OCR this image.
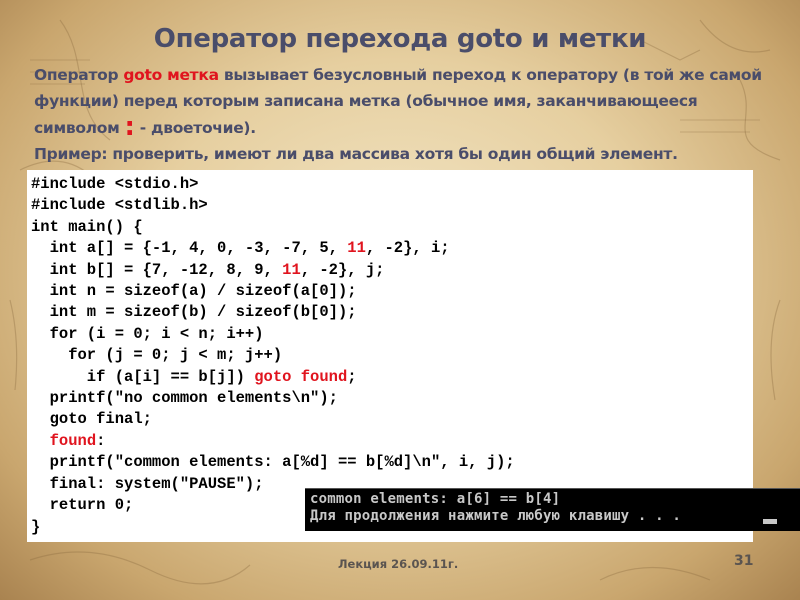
Оператор перехода goto и метки
Оператор goto метка вызывает безусловный переход к оператору (в той же самой функции) перед которым записана метка (обычное имя, заканчивающееся символом : - двоеточие).
Пример: проверить, имеют ли два массива хотя бы один общий элемент.
#include <stdio.h>
#include <stdlib.h>
int main() {
int a[] = {-1, 4, 0, -3, -7, 5, 11, -2}, i;
int b[] = {7, -12, 8, 9, 11, -2}, j;
int n = sizeof(a) / sizeof(a[0]);
int m = sizeof(b) / sizeof(b[0]);
for (i = 0; i < n; i++)
for (j = 0; j < m; j++)
if (a[i] == b[j]) goto found;
printf("no common elements\n");
goto final;
found:
printf("common elements: a[%d] == b[%d]\n", i, j);
final: system("PAUSE");
return 0;
}
common elements: a[6] == b[4]
Для продолжения нажмите любую клавишу . . .
Лекция 26.09.11г.	31
